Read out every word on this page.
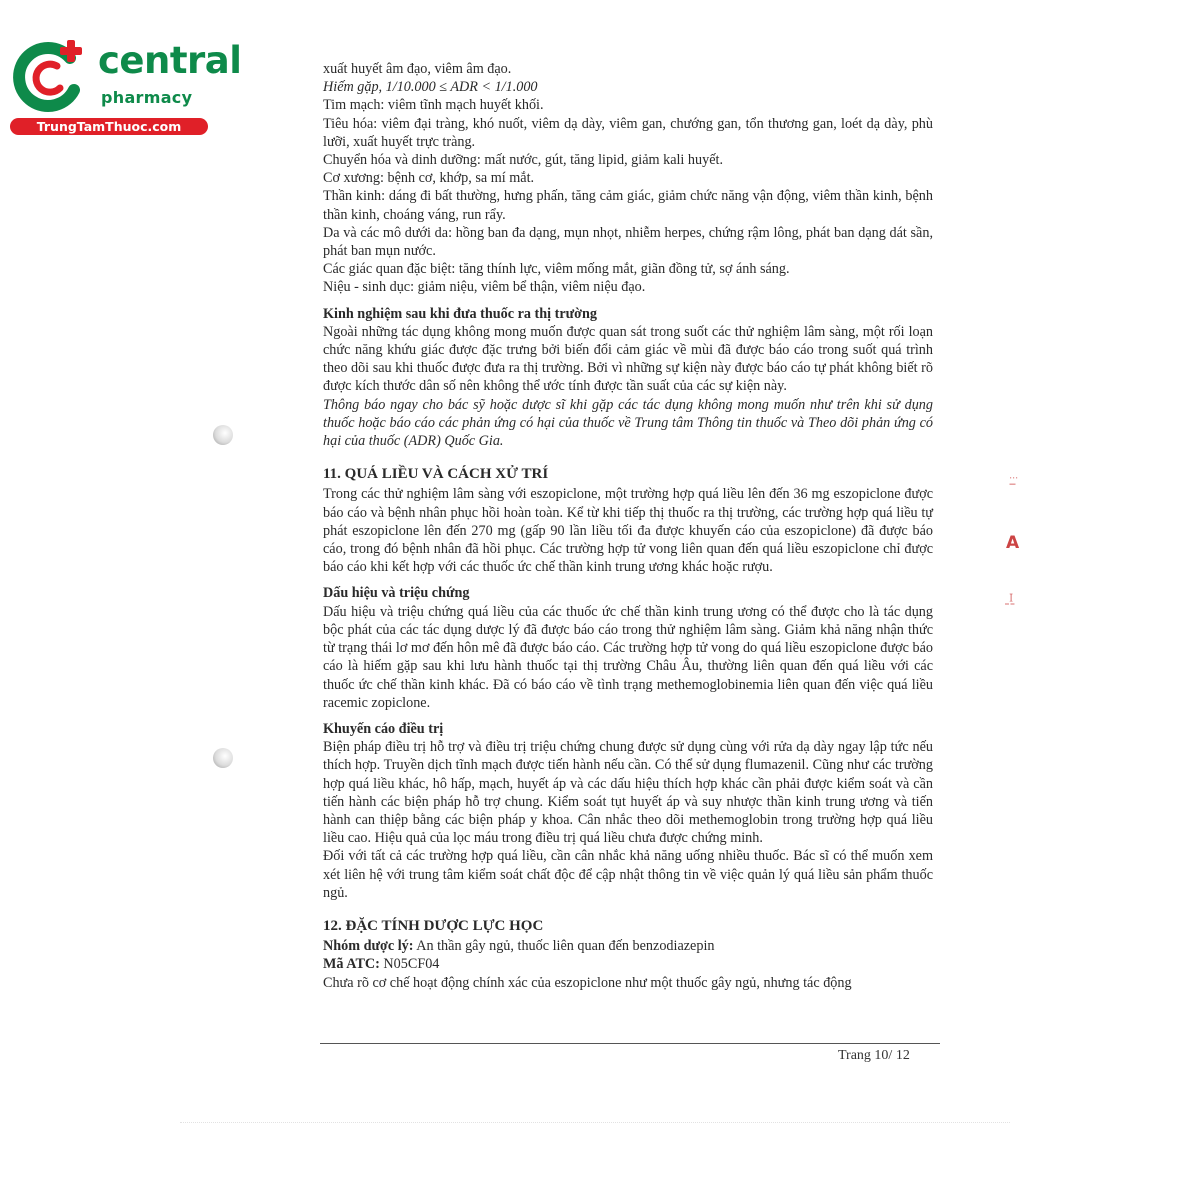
central
pharmacy
TrungTamThuoc.com
⫶ ı
A
ꟷ¦

xuất huyết âm đạo, viêm âm đạo.

Hiếm gặp, 1/10.000 ≤ ADR < 1/1.000

Tim mạch: viêm tĩnh mạch huyết khối.

Tiêu hóa: viêm đại tràng, khó nuốt, viêm dạ dày, viêm gan, chướng gan, tổn thương gan, loét dạ dày, phù lưỡi, xuất huyết trực tràng.

Chuyển hóa và dinh dưỡng: mất nước, gút, tăng lipid, giảm kali huyết.

Cơ xương: bệnh cơ, khớp, sa mí mắt.

Thần kinh: dáng đi bất thường, hưng phấn, tăng cảm giác, giảm chức năng vận động, viêm thần kinh, bệnh thần kinh, choáng váng, run rẩy.

Da và các mô dưới da: hồng ban đa dạng, mụn nhọt, nhiễm herpes, chứng rậm lông, phát ban dạng dát sần, phát ban mụn nước.

Các giác quan đặc biệt: tăng thính lực, viêm mống mắt, giãn đồng tử, sợ ánh sáng.

Niệu - sinh dục: giảm niệu, viêm bể thận, viêm niệu đạo.

Kinh nghiệm sau khi đưa thuốc ra thị trường

Ngoài những tác dụng không mong muốn được quan sát trong suốt các thử nghiệm lâm sàng, một rối loạn chức năng khứu giác được đặc trưng bởi biến đổi cảm giác về mùi đã được báo cáo trong suốt quá trình theo dõi sau khi thuốc được đưa ra thị trường. Bởi vì những sự kiện này được báo cáo tự phát không biết rõ được kích thước dân số nên không thể ước tính được tần suất của các sự kiện này.

Thông báo ngay cho bác sỹ hoặc dược sĩ khi gặp các tác dụng không mong muốn như trên khi sử dụng thuốc hoặc báo cáo các phản ứng có hại của thuốc về Trung tâm Thông tin thuốc và Theo dõi phản ứng có hại của thuốc (ADR) Quốc Gia.

11. QUÁ LIỀU VÀ CÁCH XỬ TRÍ

Trong các thử nghiệm lâm sàng với eszopiclone, một trường hợp quá liều lên đến 36 mg eszopiclone được báo cáo và bệnh nhân phục hồi hoàn toàn. Kể từ khi tiếp thị thuốc ra thị trường, các trường hợp quá liều tự phát eszopiclone lên đến 270 mg (gấp 90 lần liều tối đa được khuyến cáo của eszopiclone) đã được báo cáo, trong đó bệnh nhân đã hồi phục. Các trường hợp tử vong liên quan đến quá liều eszopiclone chỉ được báo cáo khi kết hợp với các thuốc ức chế thần kinh trung ương khác hoặc rượu.

Dấu hiệu và triệu chứng

Dấu hiệu và triệu chứng quá liều của các thuốc ức chế thần kinh trung ương có thể được cho là tác dụng bộc phát của các tác dụng dược lý đã được báo cáo trong thử nghiệm lâm sàng. Giảm khả năng nhận thức từ trạng thái lơ mơ đến hôn mê đã được báo cáo. Các trường hợp tử vong do quá liều eszopiclone được báo cáo là hiếm gặp sau khi lưu hành thuốc tại thị trường Châu Âu, thường liên quan đến quá liều với các thuốc ức chế thần kinh khác. Đã có báo cáo về tình trạng methemoglobinemia liên quan đến việc quá liều racemic zopiclone.

Khuyến cáo điều trị

Biện pháp điều trị hỗ trợ và điều trị triệu chứng chung được sử dụng cùng với rửa dạ dày ngay lập tức nếu thích hợp. Truyền dịch tĩnh mạch được tiến hành nếu cần. Có thể sử dụng flumazenil. Cũng như các trường hợp quá liều khác, hô hấp, mạch, huyết áp và các dấu hiệu thích hợp khác cần phải được kiểm soát và cần tiến hành các biện pháp hỗ trợ chung. Kiểm soát tụt huyết áp và suy nhược thần kinh trung ương và tiến hành can thiệp bằng các biện pháp y khoa. Cân nhắc theo dõi methemoglobin trong trường hợp quá liều liều cao. Hiệu quả của lọc máu trong điều trị quá liều chưa được chứng minh.

Đối với tất cả các trường hợp quá liều, cần cân nhắc khả năng uống nhiều thuốc. Bác sĩ có thể muốn xem xét liên hệ với trung tâm kiểm soát chất độc để cập nhật thông tin về việc quản lý quá liều sản phẩm thuốc ngủ.

12. ĐẶC TÍNH DƯỢC LỰC HỌC

Nhóm dược lý: An thần gây ngủ, thuốc liên quan đến benzodiazepin

Mã ATC: N05CF04

Chưa rõ cơ chế hoạt động chính xác của eszopiclone như một thuốc gây ngủ, nhưng tác động

Trang 10/ 12
